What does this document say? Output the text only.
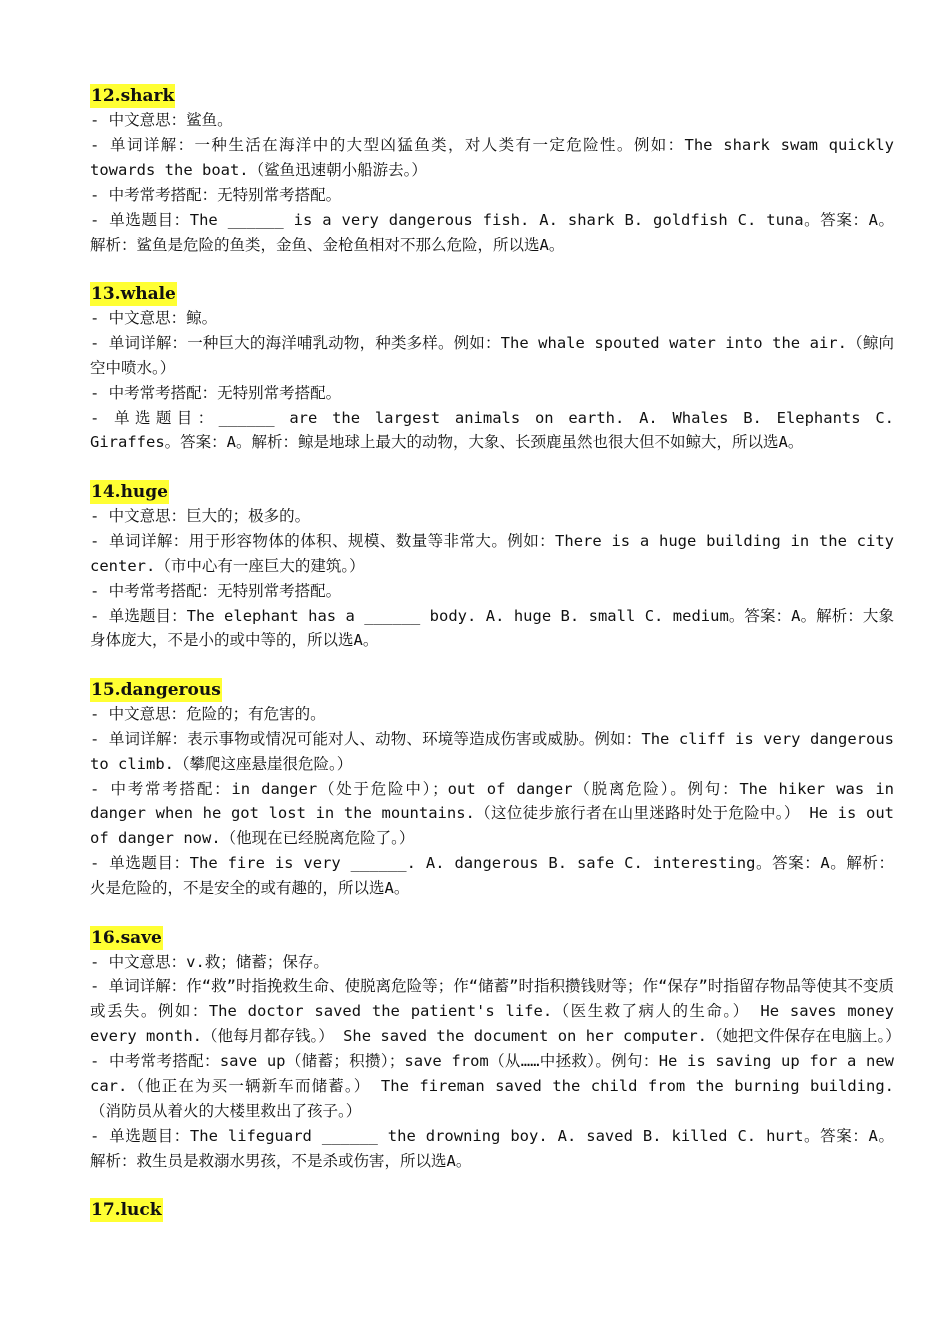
12.shark

- 中文意思：鲨鱼。

- 单词详解：一种生活在海洋中的大型凶猛鱼类，对人类有一定危险性。例如：The shark swam quickly towards the boat.（鲨鱼迅速朝小船游去。）

- 中考常考搭配：无特别常考搭配。

- 单选题目：The ______ is a very dangerous fish. A. shark B. goldfish C. tuna。答案：A。解析：鲨鱼是危险的鱼类，金鱼、金枪鱼相对不那么危险，所以选A。

13.whale

- 中文意思：鲸。

- 单词详解：一种巨大的海洋哺乳动物，种类多样。例如：The whale spouted water into the air.（鲸向空中喷水。）

- 中考常考搭配：无特别常考搭配。

- 单选题目：______ are the largest animals on earth. A. Whales B. Elephants C. Giraffes。答案：A。解析：鲸是地球上最大的动物，大象、长颈鹿虽然也很大但不如鲸大，所以选A。

14.huge

- 中文意思：巨大的；极多的。

- 单词详解：用于形容物体的体积、规模、数量等非常大。例如：There is a huge building in the city center.（市中心有一座巨大的建筑。）

- 中考常考搭配：无特别常考搭配。

- 单选题目：The elephant has a ______ body. A. huge B. small C. medium。答案：A。解析：大象身体庞大，不是小的或中等的，所以选A。

15.dangerous

- 中文意思：危险的；有危害的。

- 单词详解：表示事物或情况可能对人、动物、环境等造成伤害或威胁。例如：The cliff is very dangerous to climb.（攀爬这座悬崖很危险。）

- 中考常考搭配：in danger（处于危险中）；out of danger（脱离危险）。例句：The hiker was in danger when he got lost in the mountains.（这位徒步旅行者在山里迷路时处于危险中。） He is out of danger now.（他现在已经脱离危险了。）

- 单选题目：The fire is very ______. A. dangerous B. safe C. interesting。答案：A。解析：火是危险的，不是安全的或有趣的，所以选A。

16.save

- 中文意思：v.救；储蓄；保存。

- 单词详解：作“救”时指挽救生命、使脱离危险等；作“储蓄”时指积攒钱财等；作“保存”时指留存物品等使其不变质或丢失。例如：The doctor saved the patient's life.（医生救了病人的生命。） He saves money every month.（他每月都存钱。） She saved the document on her computer.（她把文件保存在电脑上。）

- 中考常考搭配：save up（储蓄；积攒）；save from（从……中拯救）。例句：He is saving up for a new car.（他正在为买一辆新车而储蓄。） The fireman saved the child from the burning building.（消防员从着火的大楼里救出了孩子。）

- 单选题目：The lifeguard ______ the drowning boy. A. saved B. killed C. hurt。答案：A。解析：救生员是救溺水男孩，不是杀或伤害，所以选A。

17.luck
